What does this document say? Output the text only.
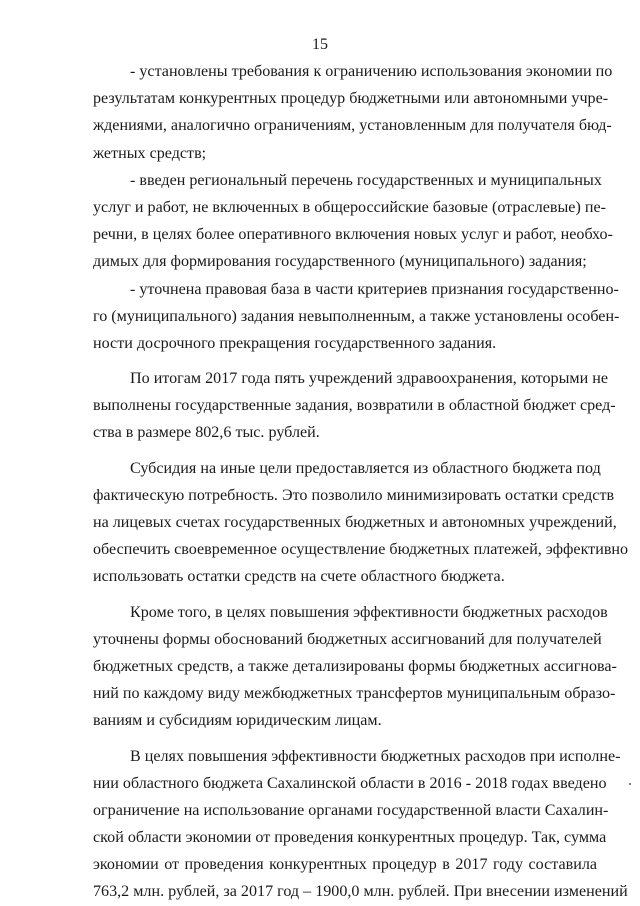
15
- установлены требования к ограничению использования экономии по
результатам конкурентных процедур бюджетными или автономными учре-
ждениями, аналогично ограничениям, установленным для получателя бюд-
жетных средств;
- введен региональный перечень государственных и муниципальных
услуг и работ, не включенных в общероссийские базовые (отраслевые) пе-
речни, в целях более оперативного включения новых услуг и работ, необхо-
димых для формирования государственного (муниципального) задания;
- уточнена правовая база в части критериев признания государственно-
го (муниципального) задания невыполненным, а также установлены особен-
ности досрочного прекращения государственного задания.
По итогам 2017 года пять учреждений здравоохранения, которыми не
выполнены государственные задания, возвратили в областной бюджет сред-
ства в размере 802,6 тыс. рублей.
Субсидия на иные цели предоставляется из областного бюджета под
фактическую потребность. Это позволило минимизировать остатки средств
на лицевых счетах государственных бюджетных и автономных учреждений,
обеспечить своевременное осуществление бюджетных платежей, эффективно
использовать остатки средств на счете областного бюджета.
Кроме того, в целях повышения эффективности бюджетных расходов
уточнены формы обоснований бюджетных ассигнований для получателей
бюджетных средств, а также детализированы формы бюджетных ассигнова-
ний по каждому виду межбюджетных трансфертов муниципальным образо-
ваниям и субсидиям юридическим лицам.
В целях повышения эффективности бюджетных расходов при исполне-
нии областного бюджета Сахалинской области в 2016 - 2018 годах введено
ограничение на использование органами государственной власти Сахалин-
ской области экономии от проведения конкурентных процедур. Так, сумма
экономии от проведения конкурентных процедур в 2017 году составила
763,2 млн. рублей, за 2017 год – 1900,0 млн. рублей. При внесении изменений
